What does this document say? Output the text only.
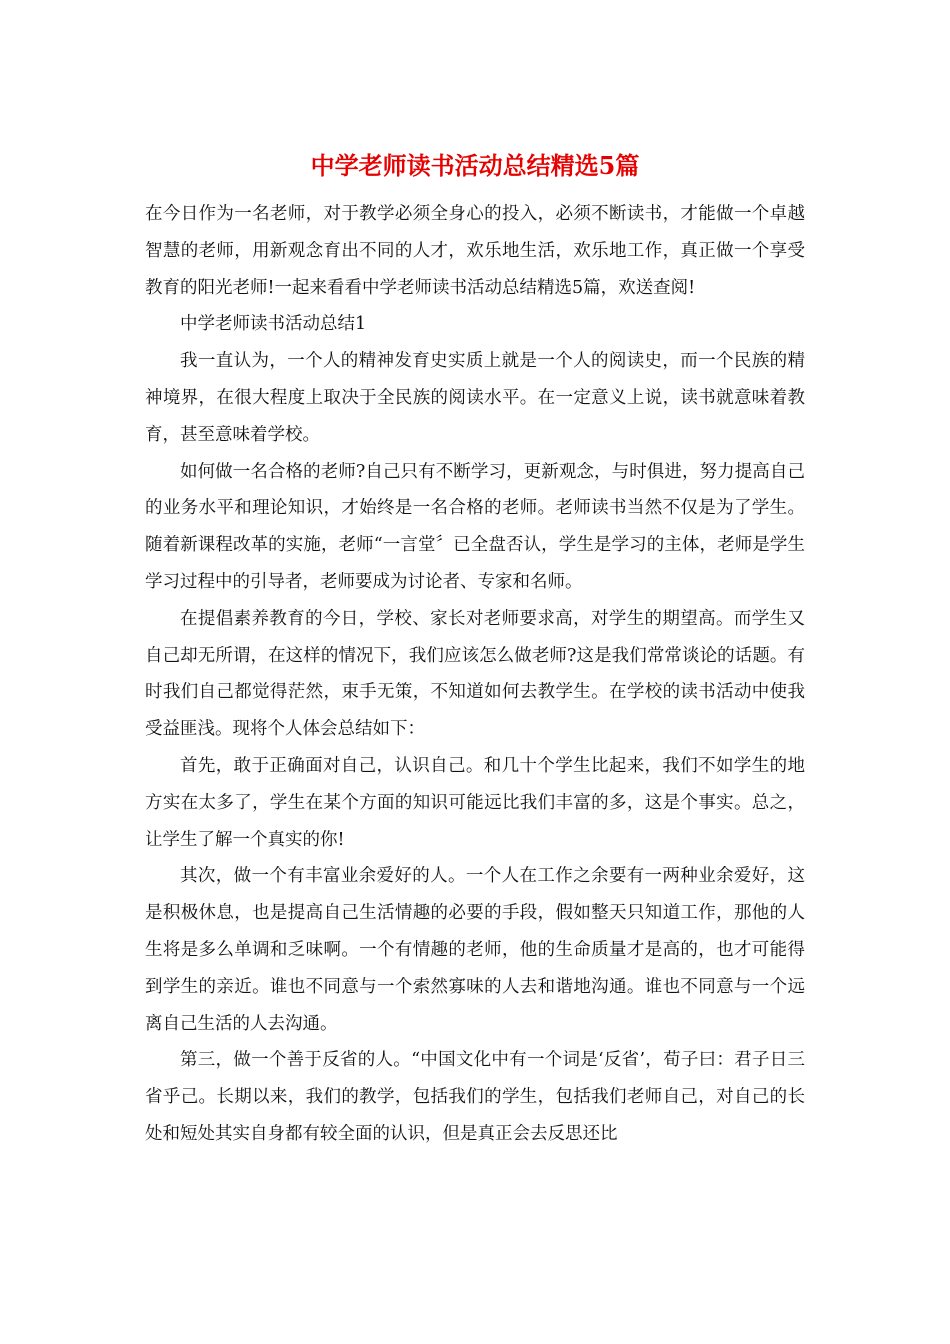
中学老师读书活动总结精选5篇

在今日作为一名老师，对于教学必须全身心的投入，必须不断读书，才能做一个卓越智慧的老师，用新观念育出不同的人才，欢乐地生活，欢乐地工作，真正做一个享受教育的阳光老师!一起来看看中学老师读书活动总结精选5篇，欢送查阅!

中学老师读书活动总结1

我一直认为，一个人的精神发育史实质上就是一个人的阅读史，而一个民族的精神境界，在很大程度上取决于全民族的阅读水平。在一定意义上说，读书就意味着教育，甚至意味着学校。

如何做一名合格的老师?自己只有不断学习，更新观念，与时俱进，努力提高自己的业务水平和理论知识，才始终是一名合格的老师。老师读书当然不仅是为了学生。随着新课程改革的实施，老师“一言堂〞已全盘否认，学生是学习的主体，老师是学生学习过程中的引导者，老师要成为讨论者、专家和名师。

在提倡素养教育的今日，学校、家长对老师要求高，对学生的期望高。而学生又自己却无所谓，在这样的情况下，我们应该怎么做老师?这是我们常常谈论的话题。有时我们自己都觉得茫然，束手无策，不知道如何去教学生。在学校的读书活动中使我受益匪浅。现将个人体会总结如下：

首先，敢于正确面对自己，认识自己。和几十个学生比起来，我们不如学生的地方实在太多了，学生在某个方面的知识可能远比我们丰富的多，这是个事实。总之，让学生了解一个真实的你!

其次，做一个有丰富业余爱好的人。一个人在工作之余要有一两种业余爱好，这是积极休息，也是提高自己生活情趣的必要的手段，假如整天只知道工作，那他的人生将是多么单调和乏味啊。一个有情趣的老师，他的生命质量才是高的，也才可能得到学生的亲近。谁也不同意与一个索然寡味的人去和谐地沟通。谁也不同意与一个远离自己生活的人去沟通。

第三，做一个善于反省的人。“中国文化中有一个词是‘反省’，荀子曰：君子日三省乎己。长期以来，我们的教学，包括我们的学生，包括我们老师自己，对自己的长处和短处其实自身都有较全面的认识，但是真正会去反思还比
